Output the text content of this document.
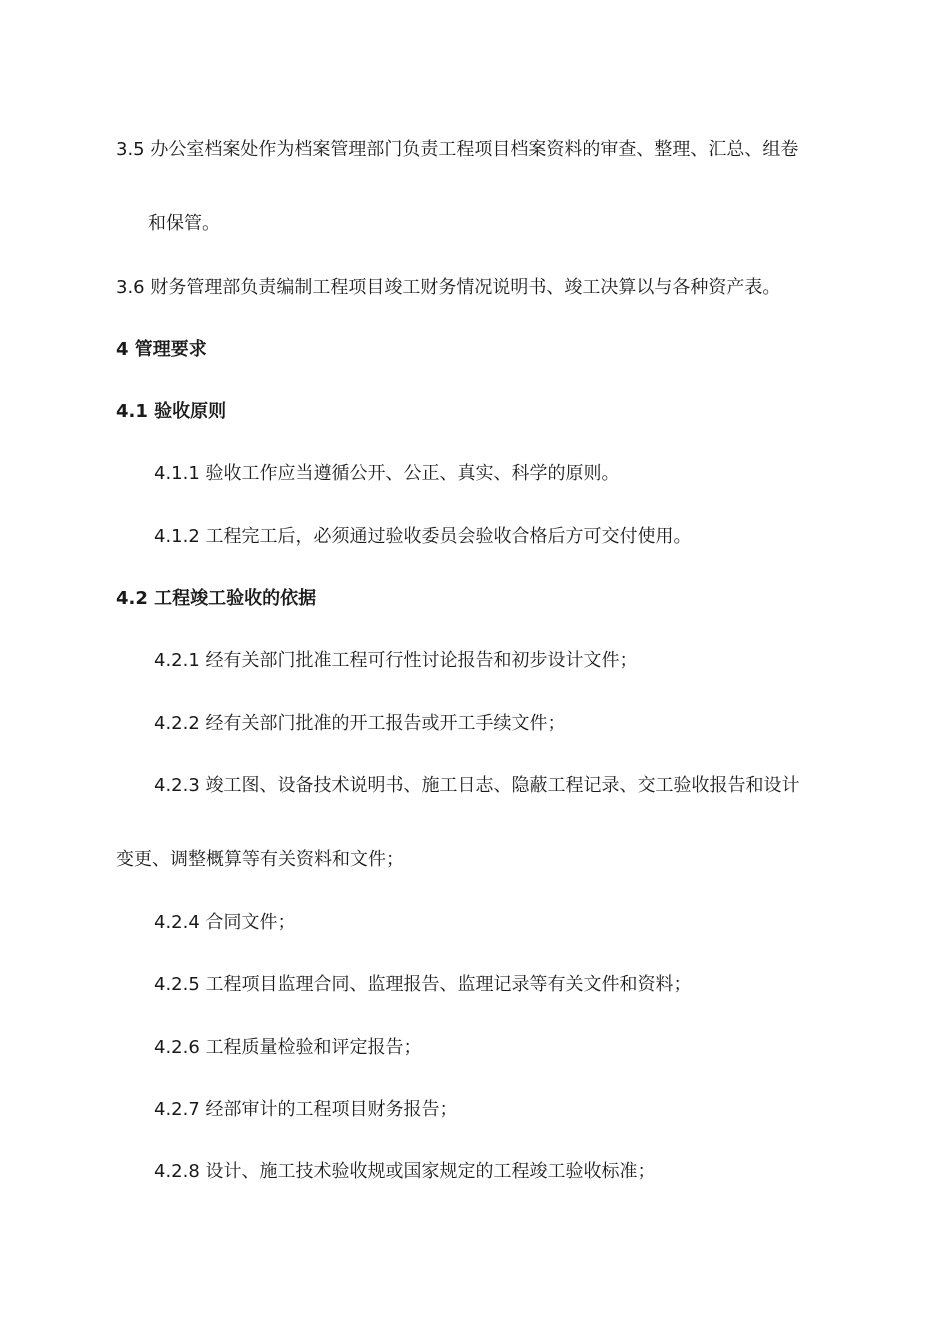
3.5 办公室档案处作为档案管理部门负责工程项目档案资料的审查、整理、汇总、组卷
和保管。
3.6 财务管理部负责编制工程项目竣工财务情况说明书、竣工决算以与各种资产表。
4 管理要求
4.1 验收原则
4.1.1 验收工作应当遵循公开、公正、真实、科学的原则。
4.1.2 工程完工后，必须通过验收委员会验收合格后方可交付使用。
4.2 工程竣工验收的依据
4.2.1 经有关部门批准工程可行性讨论报告和初步设计文件；
4.2.2 经有关部门批准的开工报告或开工手续文件；
4.2.3 竣工图、设备技术说明书、施工日志、隐蔽工程记录、交工验收报告和设计
变更、调整概算等有关资料和文件；
4.2.4 合同文件；
4.2.5 工程项目监理合同、监理报告、监理记录等有关文件和资料；
4.2.6 工程质量检验和评定报告；
4.2.7 经部审计的工程项目财务报告；
4.2.8 设计、施工技术验收规或国家规定的工程竣工验收标准；
